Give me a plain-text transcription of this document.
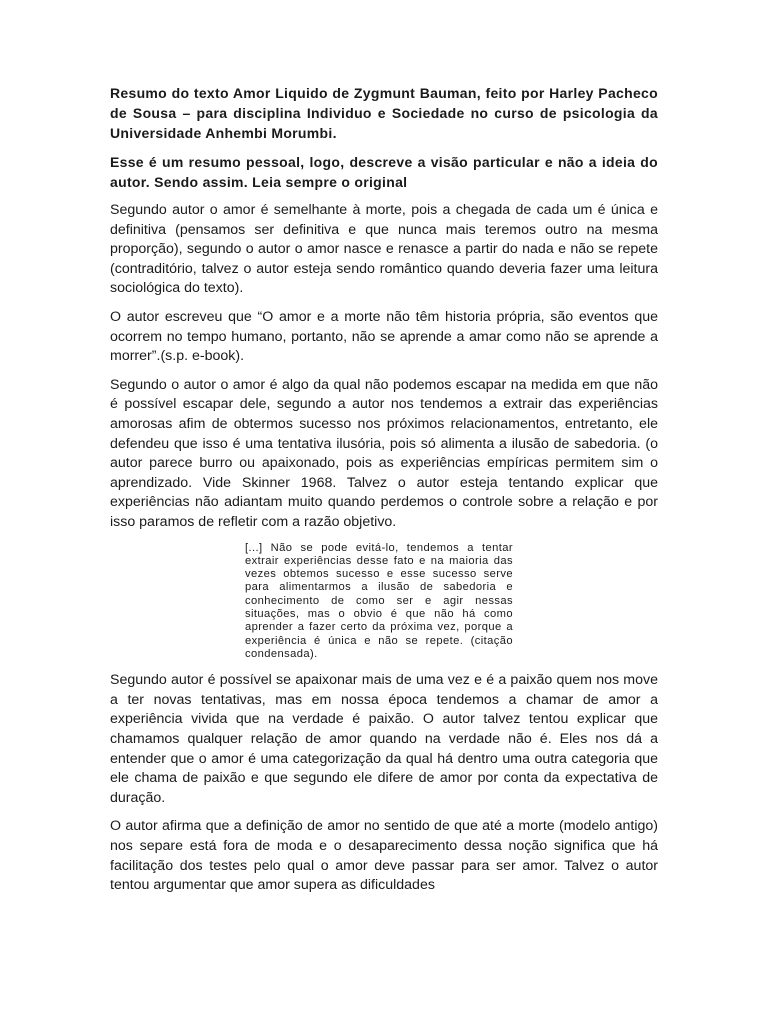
Resumo do texto Amor Liquido de Zygmunt Bauman, feito por Harley Pacheco de Sousa – para disciplina Individuo e Sociedade no curso de psicologia da Universidade Anhembi Morumbi.

Esse é um resumo pessoal, logo, descreve a visão particular e não a ideia do autor. Sendo assim. Leia sempre o original

Segundo autor o amor é semelhante à morte, pois a chegada de cada um é única e definitiva (pensamos ser definitiva e que nunca mais teremos outro na mesma proporção), segundo o autor o amor nasce e renasce a partir do nada e não se repete (contraditório, talvez o autor esteja sendo romântico quando deveria fazer uma leitura sociológica do texto).

O autor escreveu que “O amor e a morte não têm historia própria, são eventos que ocorrem no tempo humano, portanto, não se aprende a amar como não se aprende a morrer”.(s.p. e-book).

Segundo o autor o amor é algo da qual não podemos escapar na medida em que não é possível escapar dele, segundo a autor nos tendemos a extrair das experiências amorosas afim de obtermos sucesso nos próximos relacionamentos, entretanto, ele defendeu que isso é uma tentativa ilusória, pois só alimenta a ilusão de sabedoria. (o autor parece burro ou apaixonado, pois as experiências empíricas permitem sim o aprendizado. Vide Skinner 1968. Talvez o autor esteja tentando explicar que experiências não adiantam muito quando perdemos o controle sobre a relação e por isso paramos de refletir com a razão objetivo.

[...] Não se pode evitá-lo, tendemos a tentar extrair experiências desse fato e na maioria das vezes obtemos sucesso e esse sucesso serve para alimentarmos a ilusão de sabedoria e conhecimento de como ser e agir nessas situações, mas o obvio é que não há como aprender a fazer certo da próxima vez, porque a experiência é única e não se repete. (citação condensada).

Segundo autor é possível se apaixonar mais de uma vez e é a paixão quem nos move a ter novas tentativas, mas em nossa época tendemos a chamar de amor a experiência vivida que na verdade é paixão. O autor talvez tentou explicar que chamamos qualquer relação de amor quando na verdade não é. Eles nos dá a entender que o amor é uma categorização da qual há dentro uma outra categoria que ele chama de paixão e que segundo ele difere de amor por conta da expectativa de duração.

O autor afirma que a definição de amor no sentido de que até a morte (modelo antigo) nos separe está fora de moda e o desaparecimento dessa noção significa que há facilitação dos testes pelo qual o amor deve passar para ser amor. Talvez o autor tentou argumentar que amor supera as dificuldades
